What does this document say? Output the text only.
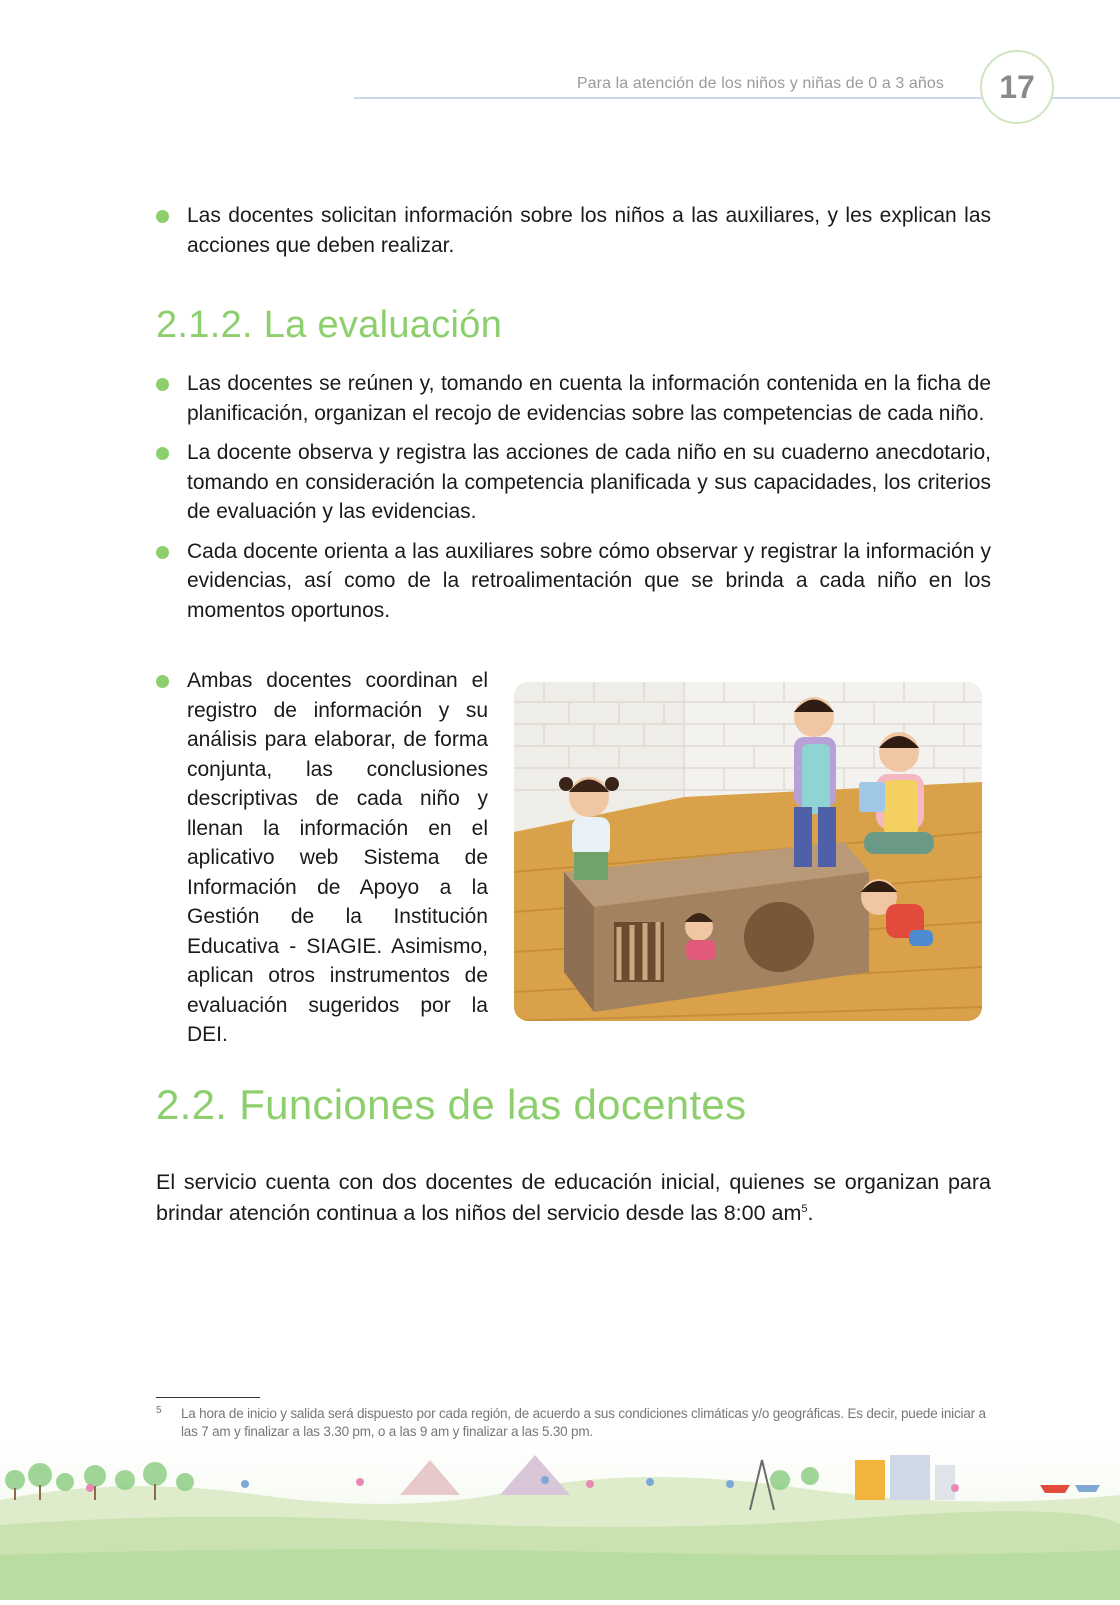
Para la atención de los niños y niñas de 0 a 3 años 17
Las docentes solicitan información sobre los niños a las auxiliares, y les explican las acciones que deben realizar.
2.1.2. La evaluación
Las docentes se reúnen y, tomando en cuenta la información contenida en la ficha de planificación, organizan el recojo de evidencias sobre las competencias de cada niño.
La docente observa y registra las acciones de cada niño en su cuaderno anecdotario, tomando en consideración la competencia planificada y sus capacidades, los criterios de evaluación y las evidencias.
Cada docente orienta a las auxiliares sobre cómo observar y registrar la información y evidencias, así como de la retroalimentación que se brinda a cada niño en los momentos oportunos.
Ambas docentes coordinan el registro de información y su análisis para elaborar, de forma conjunta, las conclusiones descriptivas de cada niño y llenan la información en el aplicativo web Sistema de Información de Apoyo a la Gestión de la Institución Educativa - SIAGIE. Asimismo, aplican otros instrumentos de evaluación sugeridos por la DEI.
2.2. Funciones de las docentes
El servicio cuenta con dos docentes de educación inicial, quienes se organizan para brindar atención continua a los niños del servicio desde las 8:00 $am^5$.
5 La hora de inicio y salida será dispuesto por cada región, de acuerdo a sus condiciones climáticas y/o geográficas. Es decir, puede iniciar a las 7 am y finalizar a las 3.30 pm, o a las 9 am y finalizar a las 5.30 pm.
